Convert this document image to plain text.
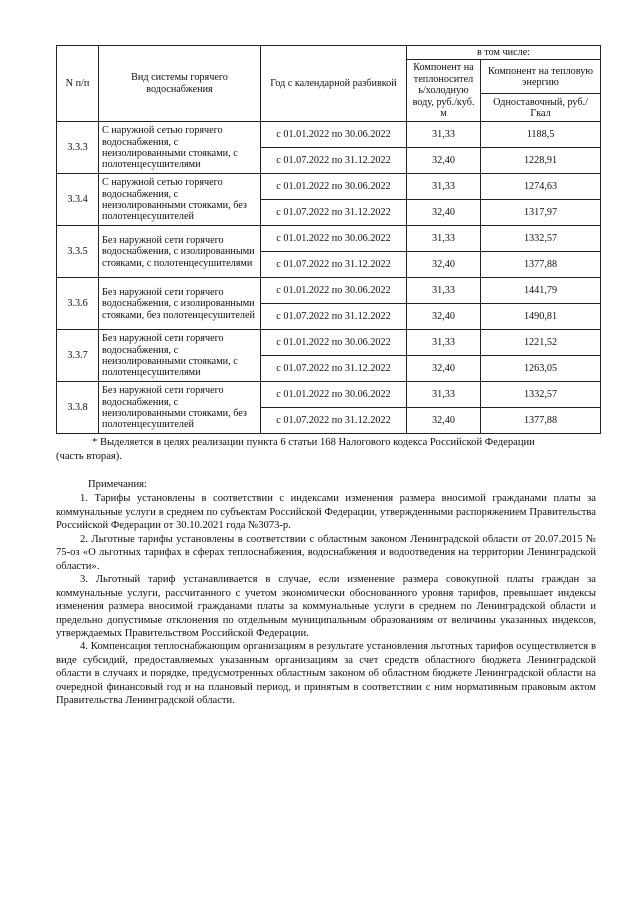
N п/п	Вид системы горячего водоснабжения	Год с календарной разбивкой	в том числе:	
			Компонент на теплоносител ь/холодную воду, руб./куб. м	Компонент на тепловую энергию
				Одноставочный, руб./Гкал
3.3.3	С наружной сетью горячего водоснабжения, с неизолированными стояками, с полотенцесушителями	с 01.01.2022 по 30.06.2022	31,33	1188,5
		с 01.07.2022 по 31.12.2022	32,40	1228,91
3.3.4	С наружной сетью горячего водоснабжения, с неизолированными стояками, без полотенцесушителей	с 01.01.2022 по 30.06.2022	31,33	1274,63
		с 01.07.2022 по 31.12.2022	32,40	1317,97
3.3.5	Без наружной сети горячего водоснабжения, с изолированными стояками, с полотенцесушителями	с 01.01.2022 по 30.06.2022	31,33	1332,57
		с 01.07.2022 по 31.12.2022	32,40	1377,88
3.3.6	Без наружной сети горячего водоснабжения, с изолированными стояками, без полотенцесушителей	с 01.01.2022 по 30.06.2022	31,33	1441,79
		с 01.07.2022 по 31.12.2022	32,40	1490,81
3.3.7	Без наружной сети горячего водоснабжения, с неизолированными стояками, с полотенцесушителями	с 01.01.2022 по 30.06.2022	31,33	1221,52
		с 01.07.2022 по 31.12.2022	32,40	1263,05
3.3.8	Без наружной сети горячего водоснабжения, с неизолированными стояками, без полотенцесушителей	с 01.01.2022 по 30.06.2022	31,33	1332,57
		с 01.07.2022 по 31.12.2022	32,40	1377,88
* Выделяется в целях реализации пункта 6 статьи 168 Налогового кодекса Российской Федерации
(часть вторая).
Примечания:

1. Тарифы установлены в соответствии с индексами изменения размера вносимой гражданами платы за коммунальные услуги в среднем по субъектам Российской Федерации, утвержденными распоряжением Правительства Российской Федерации от 30.10.2021 года №3073-р.

2. Льготные тарифы установлены в соответствии с областным законом Ленинградской области от 20.07.2015 № 75-оз «О льготных тарифах в сферах теплоснабжения, водоснабжения и водоотведения на территории Ленинградской области».

3. Льготный тариф устанавливается в случае, если изменение размера совокупной платы граждан за коммунальные услуги, рассчитанного с учетом экономически обоснованного уровня тарифов, превышает индексы изменения размера вносимой гражданами платы за коммунальные услуги в среднем по Ленинградской области и предельно допустимые отклонения по отдельным муниципальным образованиям от величины указанных индексов, утверждаемых Правительством Российской Федерации.

4. Компенсация теплоснабжающим организациям в результате установления льготных тарифов осуществляется в виде субсидий, предоставляемых указанным организациям за счет средств областного бюджета Ленинградской области в случаях и порядке, предусмотренных областным законом об областном бюджете Ленинградской области на очередной финансовый год и на плановый период, и принятым в соответствии с ним нормативным правовым актом Правительства Ленинградской области.
